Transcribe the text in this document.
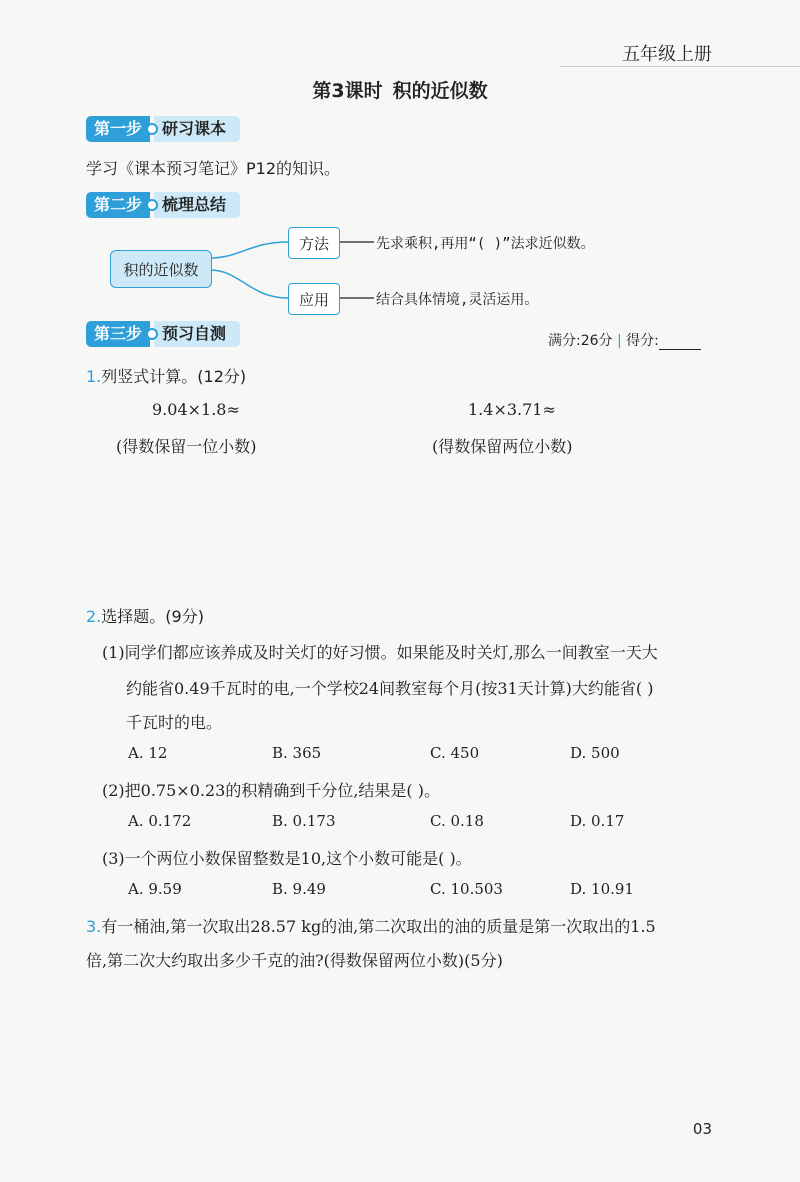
五年级上册
第3课时 积的近似数
第一步	研习课本
学习《课本预习笔记》P12的知识。
第二步	梳理总结
积的近似数
方法
应用
先求乘积,再用“( )”法求近似数。
结合具体情境,灵活运用。
第三步	预习自测	满分:26分 | 得分:
1.列竖式计算。(12分)
9.04×1.8≈
(得数保留一位小数)
1.4×3.71≈
(得数保留两位小数)
2.选择题。(9分)
(1)同学们都应该养成及时关灯的好习惯。如果能及时关灯,那么一间教室一天大
约能省0.49千瓦时的电,一个学校24间教室每个月(按31天计算)大约能省( )
千瓦时的电。
A. 12	B. 365	C. 450	D. 500
(2)把0.75×0.23的积精确到千分位,结果是( )。
A. 0.172	B. 0.173	C. 0.18	D. 0.17
(3)一个两位小数保留整数是10,这个小数可能是( )。
A. 9.59	B. 9.49	C. 10.503	D. 10.91
3.有一桶油,第一次取出28.57 kg的油,第二次取出的油的质量是第一次取出的1.5
倍,第二次大约取出多少千克的油?(得数保留两位小数)(5分)
03
